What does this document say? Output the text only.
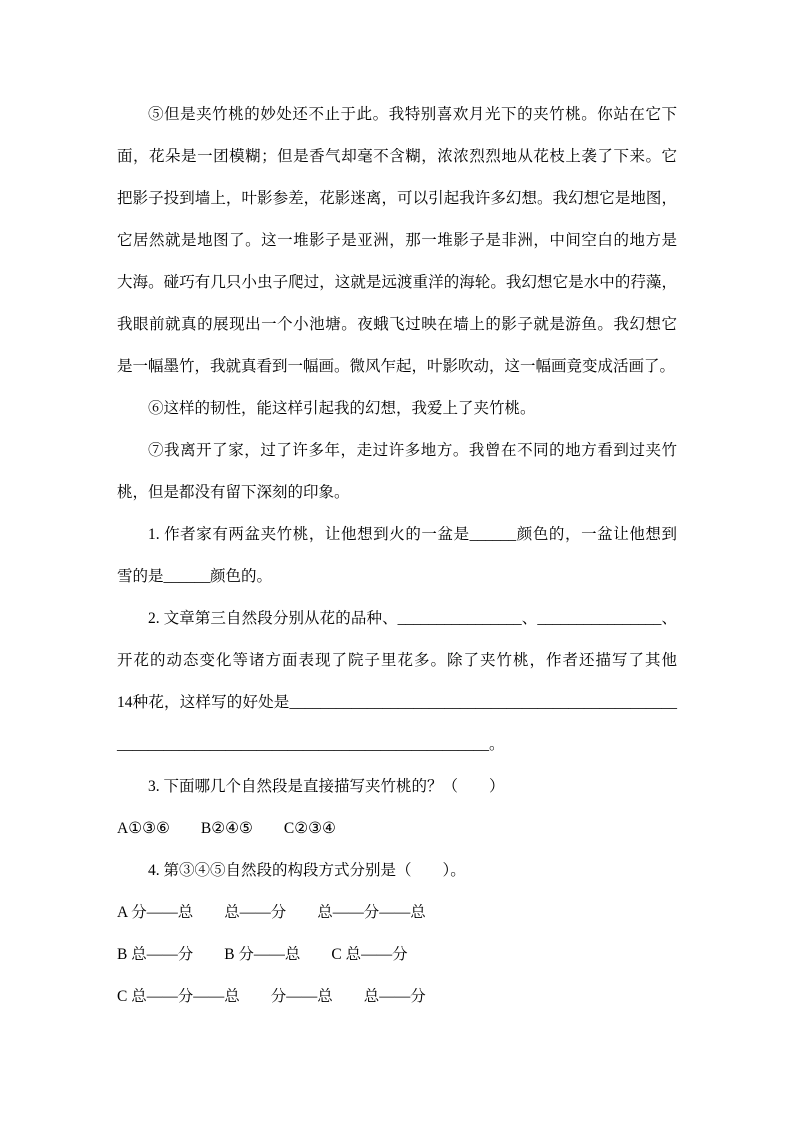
⑤但是夹竹桃的妙处还不止于此。我特别喜欢月光下的夹竹桃。你站在它下
面，花朵是一团模糊；但是香气却毫不含糊，浓浓烈烈地从花枝上袭了下来。它
把影子投到墙上，叶影参差，花影迷离，可以引起我许多幻想。我幻想它是地图，
它居然就是地图了。这一堆影子是亚洲，那一堆影子是非洲，中间空白的地方是
大海。碰巧有几只小虫子爬过，这就是远渡重洋的海轮。我幻想它是水中的荇藻，
我眼前就真的展现出一个小池塘。夜蛾飞过映在墙上的影子就是游鱼。我幻想它
是一幅墨竹，我就真看到一幅画。微风乍起，叶影吹动，这一幅画竟变成活画了。
⑥这样的韧性，能这样引起我的幻想，我爱上了夹竹桃。
⑦我离开了家，过了许多年，走过许多地方。我曾在不同的地方看到过夹竹
桃，但是都没有留下深刻的印象。
1. 作者家有两盆夹竹桃，让他想到火的一盆是______颜色的，一盆让他想到
雪的是______颜色的。
2. 文章第三自然段分别从花的品种、________________、________________、
开花的动态变化等诸方面表现了院子里花多。除了夹竹桃，作者还描写了其他
14种花，这样写的好处是__________________________________________________
________________________________________________。
3. 下面哪几个自然段是直接描写夹竹桃的？（　　）
A①③⑥　　B②④⑤　　C②③④
4. 第③④⑤自然段的构段方式分别是（　　）。
A 分——总　　总——分　　总——分——总
B 总——分　　B 分——总　　C 总——分
C 总——分——总　　分——总　　总——分
